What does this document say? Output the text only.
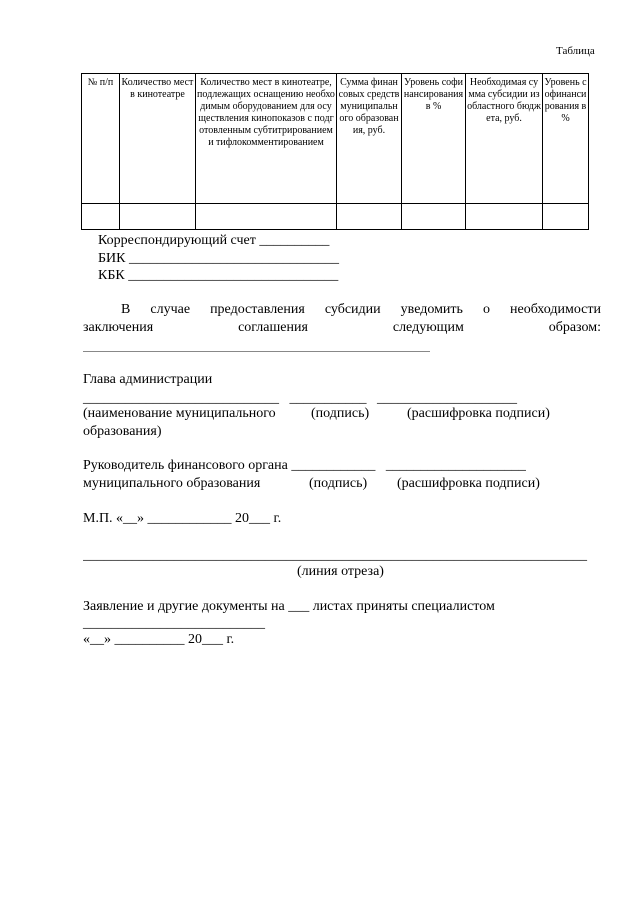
Таблица
№ п/п	Количество мест в кинотеатре	Количество мест в кинотеатре, подлежащих оснащению необходимым оборудованием для осуществления кинопоказов с подготовленным субтитрированием и тифлокомментированием	Сумма финансовых средств муниципального образования, руб.	Уровень софинансирования в %	Необходимая сумма субсидии из областного бюджета, руб.	Уровень софинансирования в %

Корреспондирующий счет __________
БИК ______________________________
КБК ______________________________
В случае предоставления субсидии уведомить о необходимости
заключения соглашения следующим образом:
Глава администрации
____________________________   ___________   ____________________
(наименование муниципального	(подпись)	(расшифровка подписи)
образования)
Руководитель финансового органа ____________   ____________________
муниципального образования	(подпись) (расшифровка подписи)
М.П. «__» ____________ 20___ г.
________________________________________________________________________
(линия отреза)
Заявление и другие документы на ___ листах приняты специалистом
__________________________
«__» __________ 20___ г.
